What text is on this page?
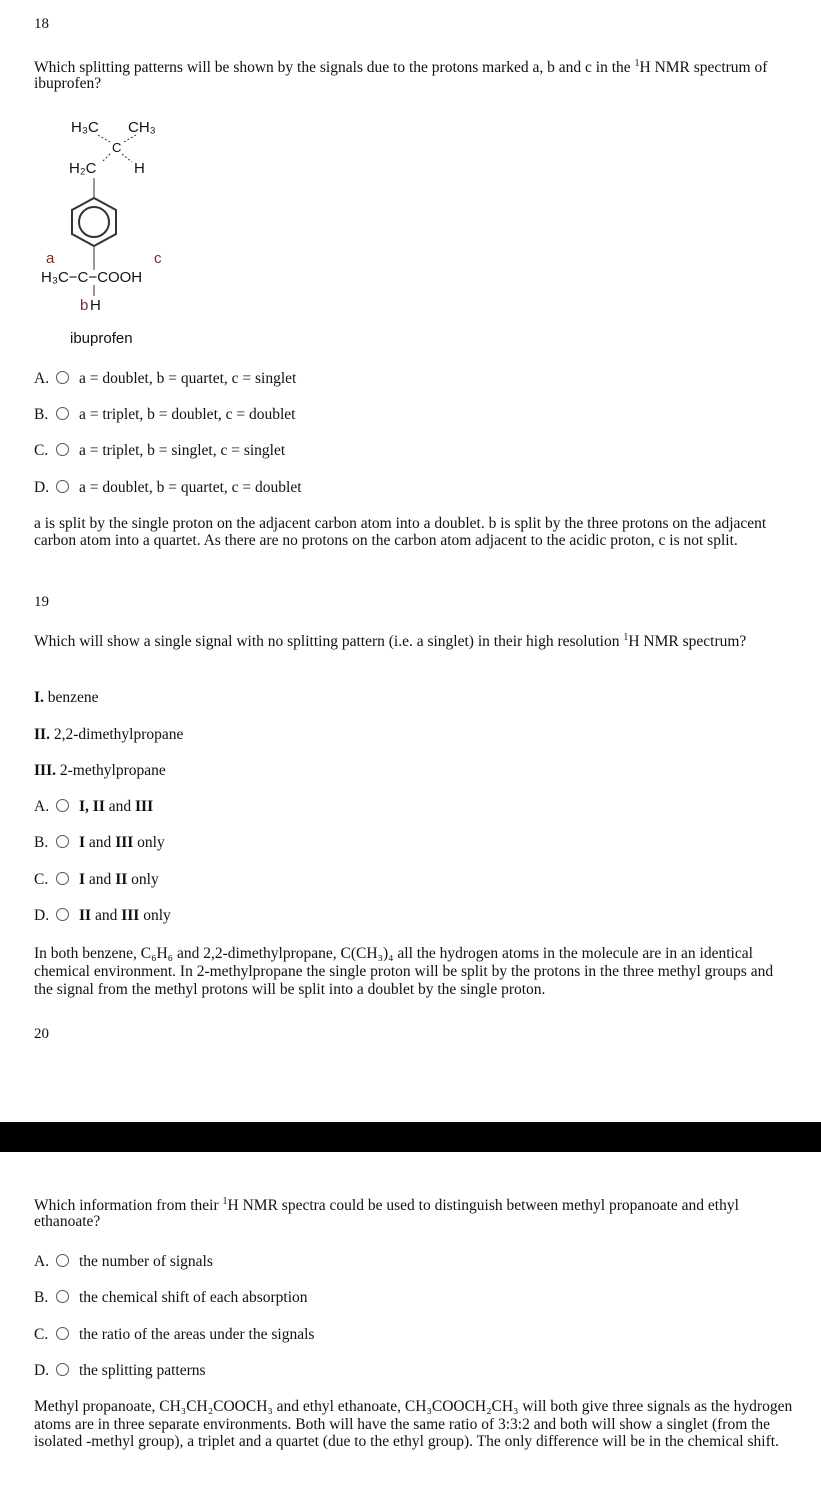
18
Which splitting patterns will be shown by the signals due to the protons marked a, b and c in the $^1$H NMR spectrum of ibuprofen?
H₃C CH₃
C
H₂C	H
a	c
H₃C−C−COOH
b H
ibuprofen
A. a = doublet, b = quartet, c = singlet
B. a = triplet, b = doublet, c = doublet
C. a = triplet, b = singlet, c = singlet
D. a = doublet, b = quartet, c = doublet
a is split by the single proton on the adjacent carbon atom into a doublet. b is split by the three protons on the adjacent carbon atom into a quartet. As there are no protons on the carbon atom adjacent to the acidic proton, c is not split.
19
Which will show a single signal with no splitting pattern (i.e. a singlet) in their high resolution $^1$H NMR spectrum?
I. benzene
II. 2,2-dimethylpropane
III. 2-methylpropane
A. I, II and III
B. I and III only
C. I and II only
D. II and III only
In both benzene, C₆H₆ and 2,2-dimethylpropane, C(CH₃)₄ all the hydrogen atoms in the molecule are in an identical chemical environment. In 2-methylpropane the single proton will be split by the protons in the three methyl groups and the signal from the methyl protons will be split into a doublet by the single proton.
20
Which information from their $^1$H NMR spectra could be used to distinguish between methyl propanoate and ethyl ethanoate?
A. the number of signals
B. the chemical shift of each absorption
C. the ratio of the areas under the signals
D. the splitting patterns
Methyl propanoate, CH₃CH₂COOCH₃ and ethyl ethanoate, CH₃COOCH₂CH₃ will both give three signals as the hydrogen atoms are in three separate environments. Both will have the same ratio of 3:3:2 and both will show a singlet (from the isolated -methyl group), a triplet and a quartet (due to the ethyl group). The only difference will be in the chemical shift.
